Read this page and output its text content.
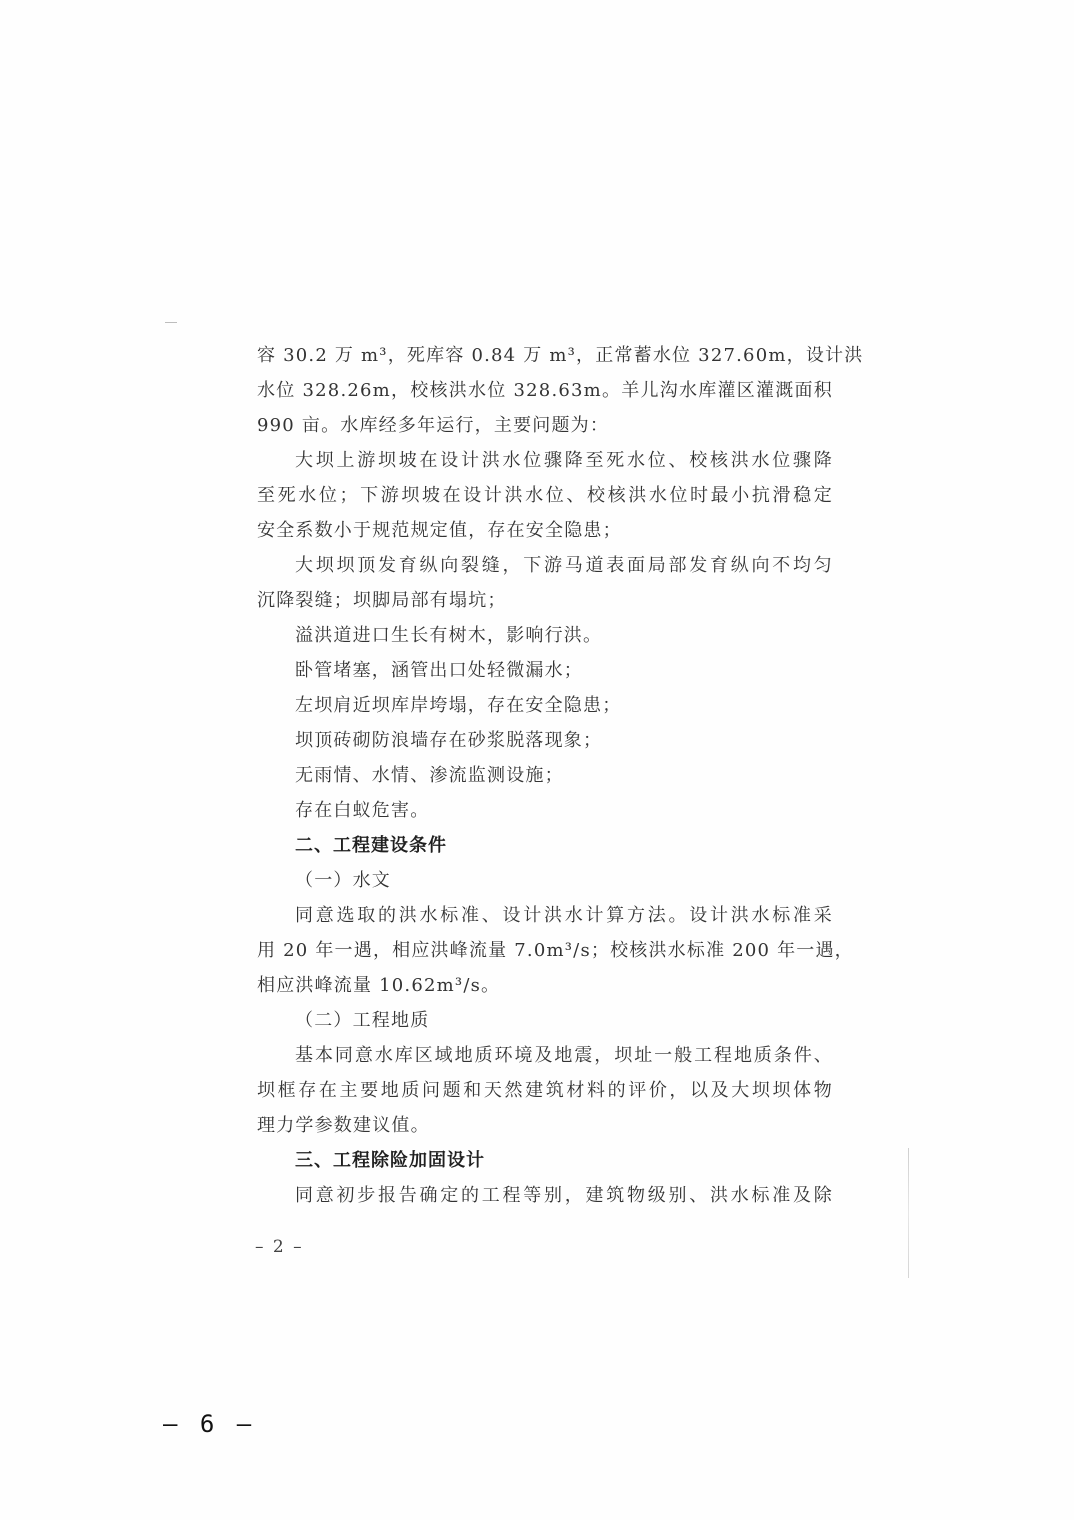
容 30.2 万 m³，死库容 0.84 万 m³，正常蓄水位 327.60m，设计洪
水位 328.26m，校核洪水位 328.63m。羊儿沟水库灌区灌溉面积
990 亩。水库经多年运行，主要问题为：
大坝上游坝坡在设计洪水位骤降至死水位、校核洪水位骤降
至死水位；下游坝坡在设计洪水位、校核洪水位时最小抗滑稳定
安全系数小于规范规定值，存在安全隐患；
大坝坝顶发育纵向裂缝，下游马道表面局部发育纵向不均匀
沉降裂缝；坝脚局部有塌坑；
溢洪道进口生长有树木，影响行洪。
卧管堵塞，涵管出口处轻微漏水；
左坝肩近坝库岸垮塌，存在安全隐患；
坝顶砖砌防浪墙存在砂浆脱落现象；
无雨情、水情、渗流监测设施；
存在白蚁危害。
二、工程建设条件
（一）水文
同意选取的洪水标准、设计洪水计算方法。设计洪水标准采
用 20 年一遇，相应洪峰流量 7.0m³/s；校核洪水标准 200 年一遇，
相应洪峰流量 10.62m³/s。
（二）工程地质
基本同意水库区域地质环境及地震，坝址一般工程地质条件、
坝框存在主要地质问题和天然建筑材料的评价，以及大坝坝体物
理力学参数建议值。
三、工程除险加固设计
同意初步报告确定的工程等别，建筑物级别、洪水标准及除
– 2 –
– 6 –
